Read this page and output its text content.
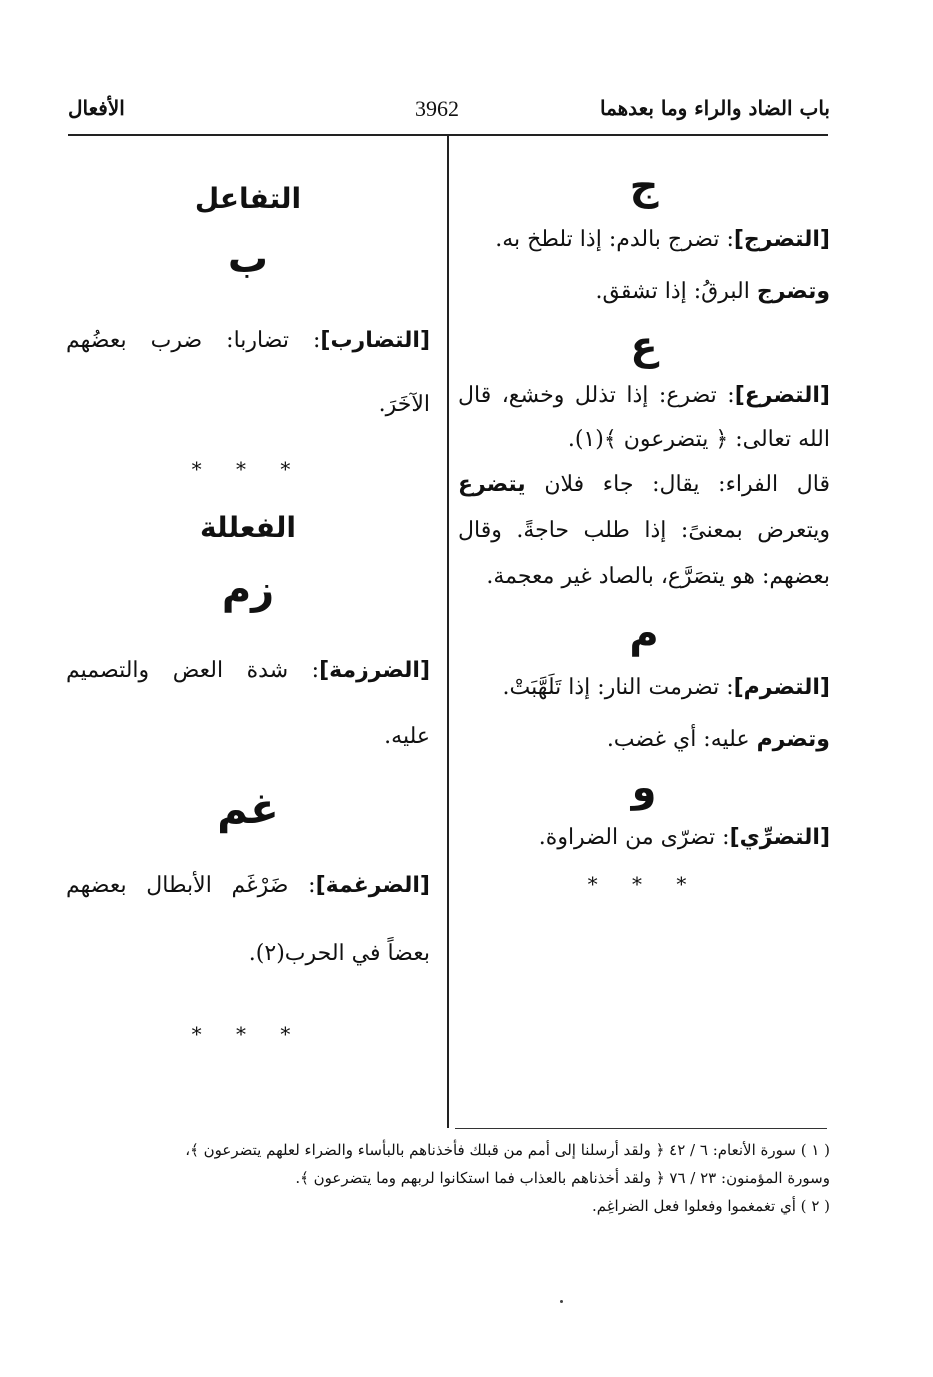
باب الضاد والراء وما بعدهما
3962
الأفعال
ج

[التضرج]: تضرج بالدم: إذا تلطخ به.

وتضرج البرقُ: إذا تشقق.

ع

[التضرع]: تضرع: إذا تذلل وخشع، قال الله تعالى: ﴿ يتضرعون ﴾(١).

قال الفراء: يقال: جاء فلان يتضرع ويتعرض بمعنىً: إذا طلب حاجةً. وقال بعضهم: هو يتصَرَّع، بالصاد غير معجمة.

م

[التضرم]: تضرمت النار: إذا تَلَهَّبَتْ.

وتضرم عليه: أي غضب.

و

[التضرِّي]: تضرّى من الضراوة.

* * *

التفاعل

ب

[التضارب]: تضاربا: ضرب بعضُهم الآخَرَ.

* * *

الفعللة

زم

[الضرزمة]: شدة العض والتصميم عليه.

غم

[الضرغمة]: ضَرْغَم الأبطال بعضهم بعضاً في الحرب(٢).

* * *

( ١ ) سورة الأنعام: ٦ / ٤٢ ﴿ ولقد أرسلنا إلى أمم من قبلك فأخذناهم بالبأساء والضراء لعلهم يتضرعون ﴾،

وسورة المؤمنون: ٢٣ / ٧٦ ﴿ ولقد أخذناهم بالعذاب فما استكانوا لربهم وما يتضرعون ﴾.

( ٢ ) أي تغمغموا وفعلوا فعل الضراغِم.
